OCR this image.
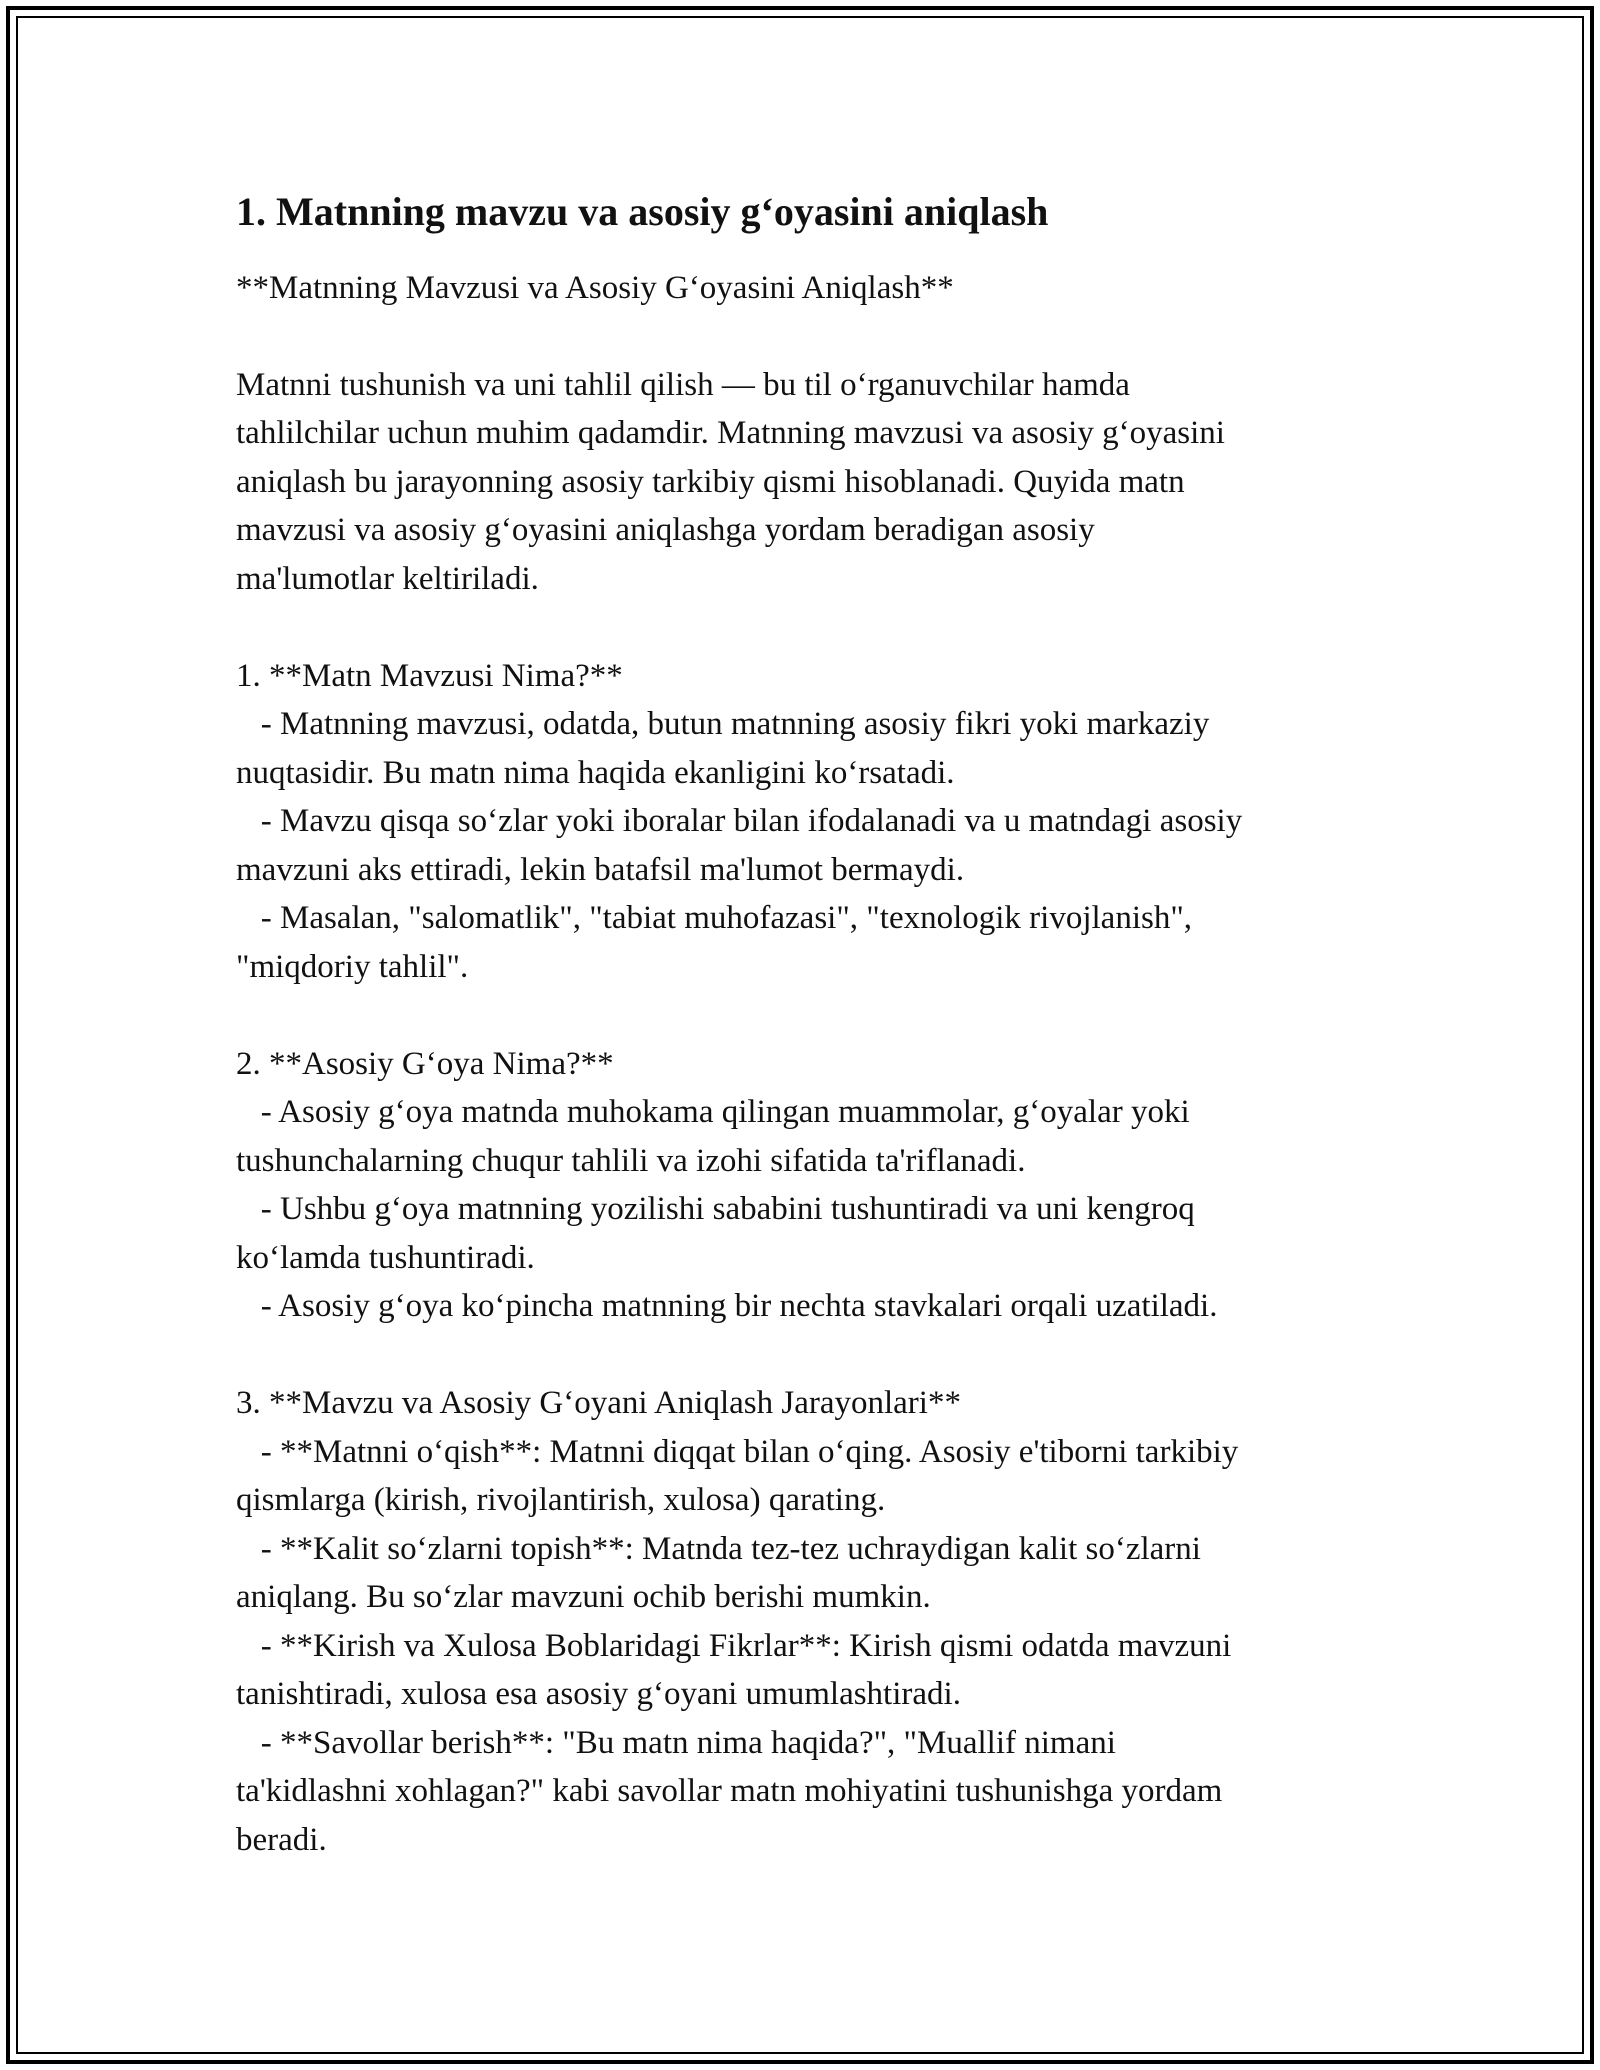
1. Matnning mavzu va asosiy g‘oyasini aniqlash

**Matnning Mavzusi va Asosiy G‘oyasini Aniqlash**

Matnni tushunish va uni tahlil qilish — bu til o‘rganuvchilar hamda
tahlilchilar uchun muhim qadamdir. Matnning mavzusi va asosiy g‘oyasini
aniqlash bu jarayonning asosiy tarkibiy qismi hisoblanadi. Quyida matn
mavzusi va asosiy g‘oyasini aniqlashga yordam beradigan asosiy
ma'lumotlar keltiriladi.

1. **Matn Mavzusi Nima?**
- Matnning mavzusi, odatda, butun matnning asosiy fikri yoki markaziy
nuqtasidir. Bu matn nima haqida ekanligini ko‘rsatadi.
- Mavzu qisqa so‘zlar yoki iboralar bilan ifodalanadi va u matndagi asosiy
mavzuni aks ettiradi, lekin batafsil ma'lumot bermaydi.
- Masalan, "salomatlik", "tabiat muhofazasi", "texnologik rivojlanish",
"miqdoriy tahlil".

2. **Asosiy G‘oya Nima?**
- Asosiy g‘oya matnda muhokama qilingan muammolar, g‘oyalar yoki
tushunchalarning chuqur tahlili va izohi sifatida ta'riflanadi.
- Ushbu g‘oya matnning yozilishi sababini tushuntiradi va uni kengroq
ko‘lamda tushuntiradi.
- Asosiy g‘oya ko‘pincha matnning bir nechta stavkalari orqali uzatiladi.

3. **Mavzu va Asosiy G‘oyani Aniqlash Jarayonlari**
- **Matnni o‘qish**: Matnni diqqat bilan o‘qing. Asosiy e'tiborni tarkibiy
qismlarga (kirish, rivojlantirish, xulosa) qarating.
- **Kalit so‘zlarni topish**: Matnda tez-tez uchraydigan kalit so‘zlarni
aniqlang. Bu so‘zlar mavzuni ochib berishi mumkin.
- **Kirish va Xulosa Boblaridagi Fikrlar**: Kirish qismi odatda mavzuni
tanishtiradi, xulosa esa asosiy g‘oyani umumlashtiradi.
- **Savollar berish**: "Bu matn nima haqida?", "Muallif nimani
ta'kidlashni xohlagan?" kabi savollar matn mohiyatini tushunishga yordam
beradi.
